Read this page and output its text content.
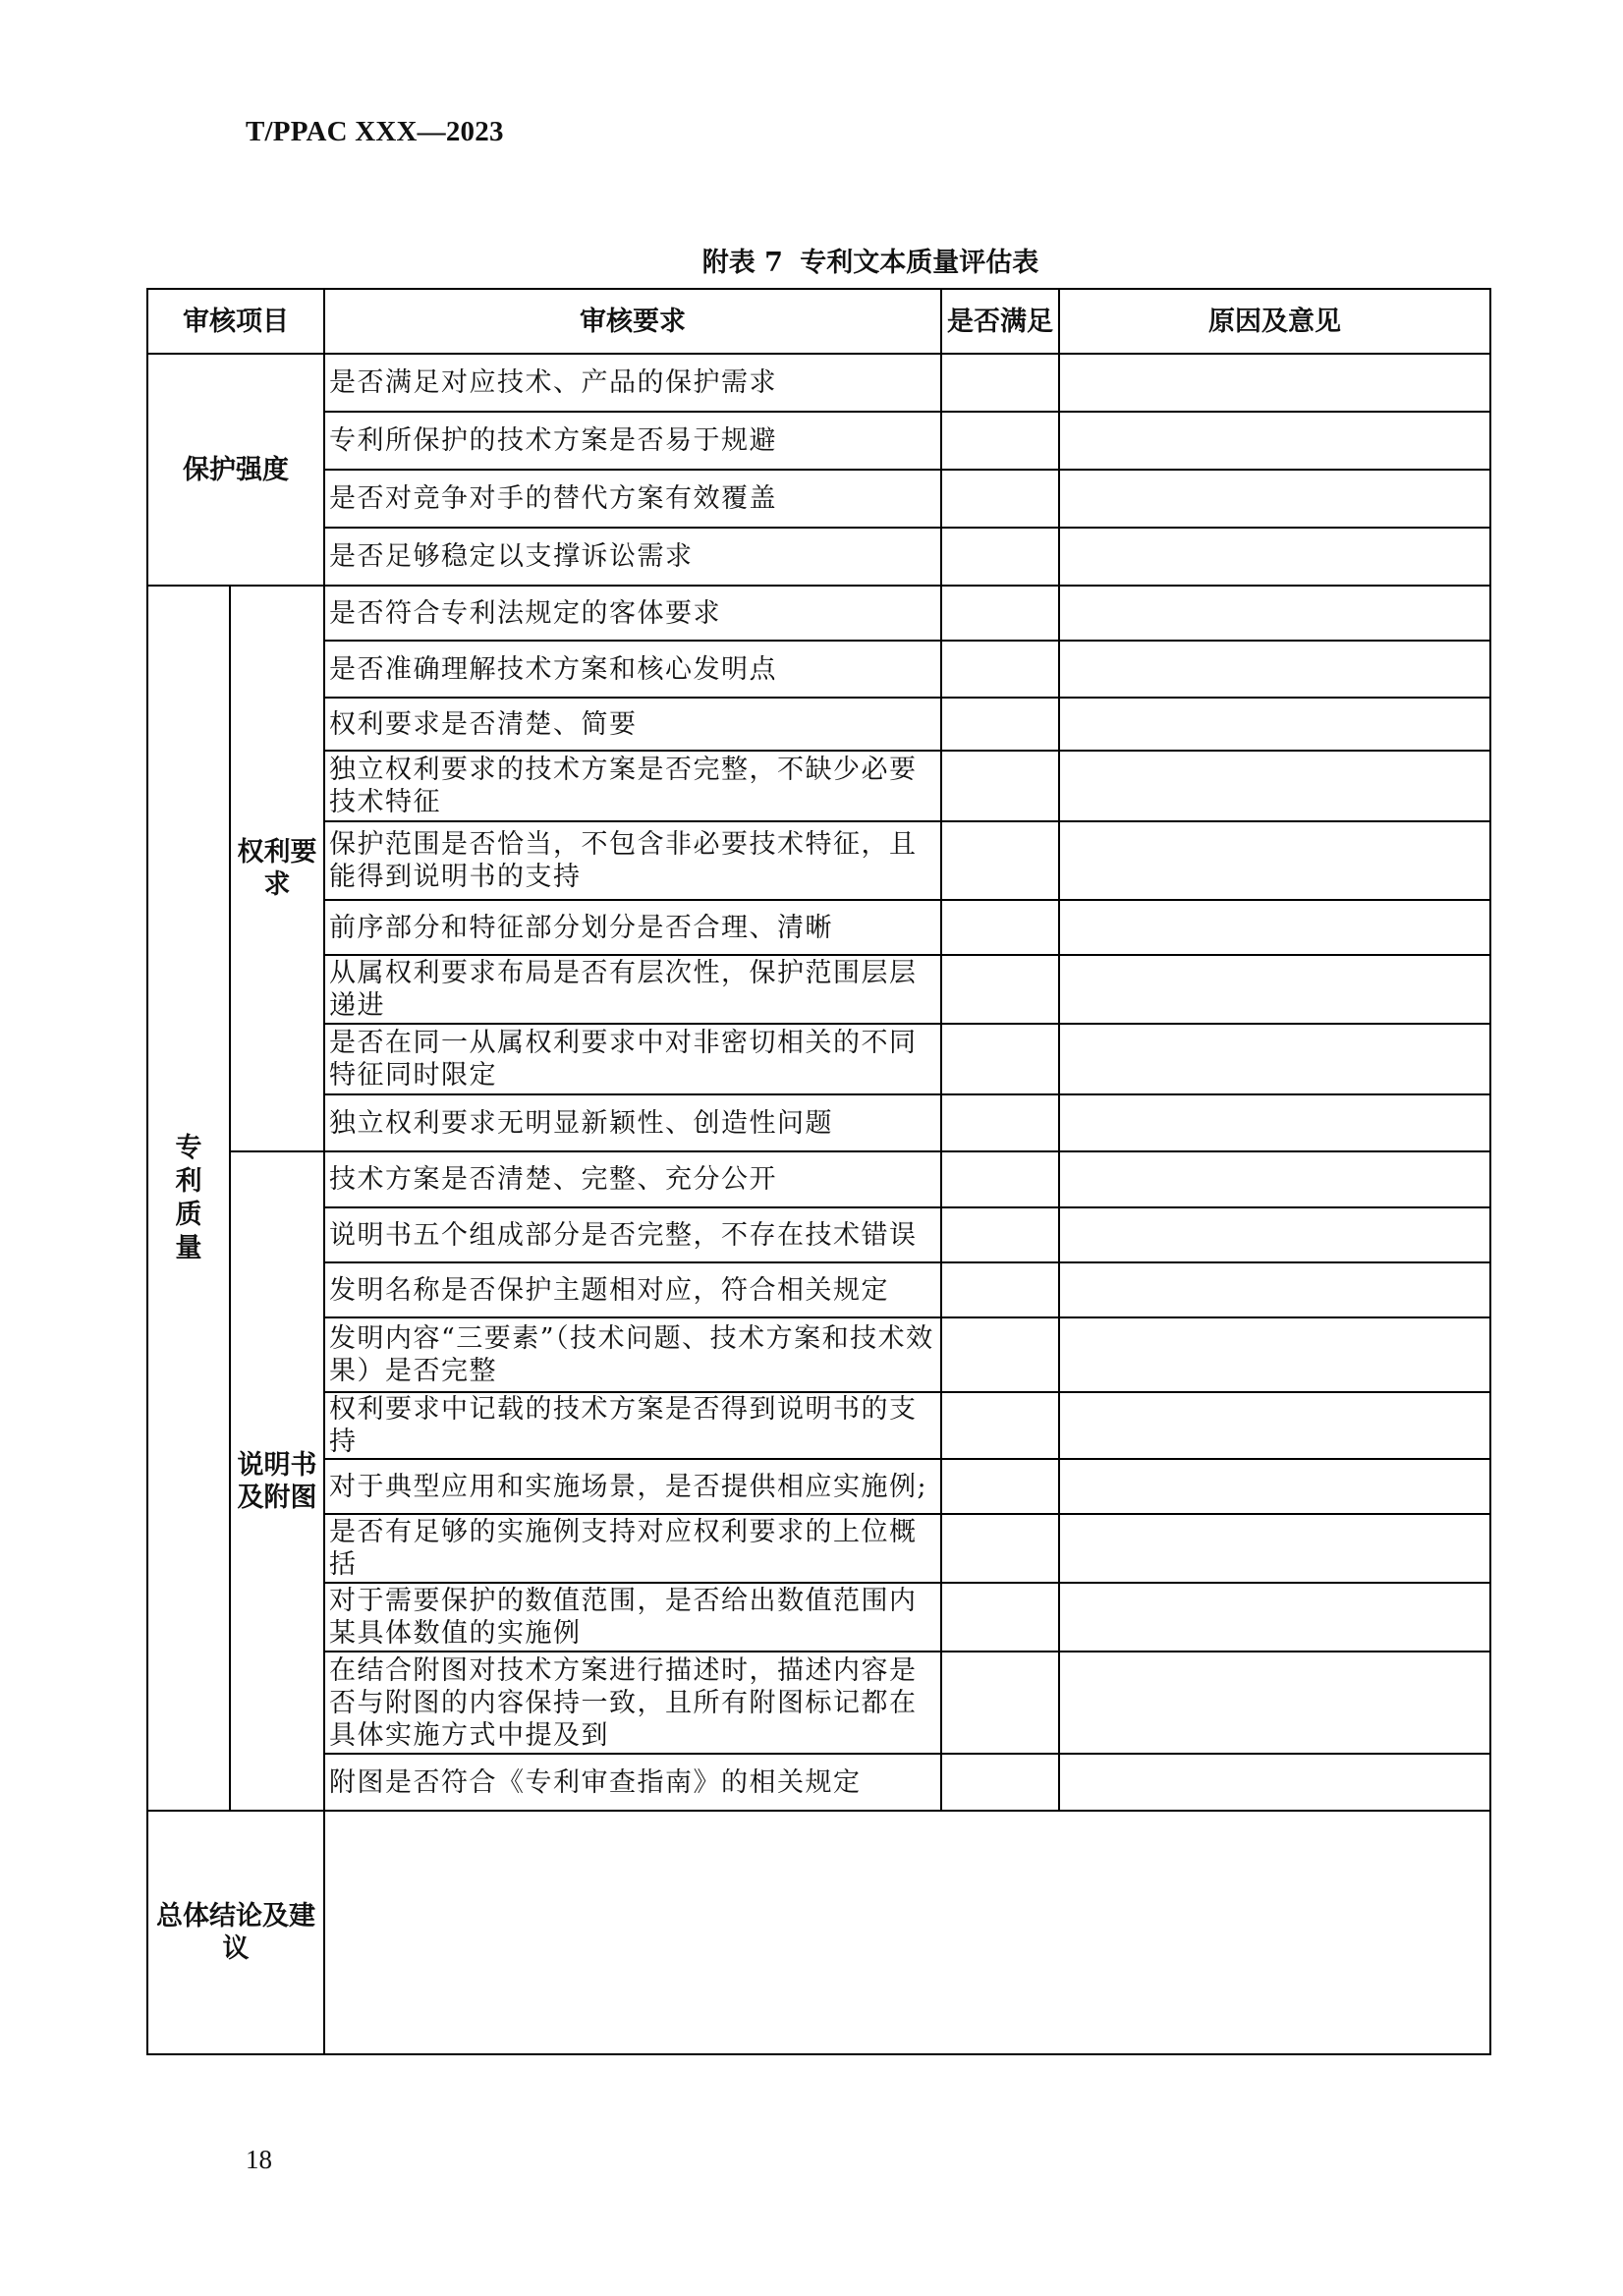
T/PPAC XXX—2023
附表 7 专利文本质量评估表
审核项目		审核要求	是否满足	原因及意见
保护强度		是否满足对应技术、产品的保护需求		
		专利所保护的技术方案是否易于规避		
		是否对竞争对手的替代方案有效覆盖		
		是否足够稳定以支撑诉讼需求		
专利质量	权利要求	是否符合专利法规定的客体要求		
		是否准确理解技术方案和核心发明点		
		权利要求是否清楚、简要		
		独立权利要求的技术方案是否完整，不缺少必要技术特征		
		保护范围是否恰当，不包含非必要技术特征，且能得到说明书的支持		
		前序部分和特征部分划分是否合理、清晰		
		从属权利要求布局是否有层次性，保护范围层层递进		
		是否在同一从属权利要求中对非密切相关的不同特征同时限定		
		独立权利要求无明显新颖性、创造性问题		
	说明书及附图	技术方案是否清楚、完整、充分公开		
		说明书五个组成部分是否完整，不存在技术错误		
		发明名称是否保护主题相对应，符合相关规定		
		发明内容“三要素”（技术问题、技术方案和技术效果）是否完整		
		权利要求中记载的技术方案是否得到说明书的支持		
		对于典型应用和实施场景，是否提供相应实施例;		
		是否有足够的实施例支持对应权利要求的上位概括		
		对于需要保护的数值范围，是否给出数值范围内某具体数值的实施例		
		在结合附图对技术方案进行描述时，描述内容是否与附图的内容保持一致，且所有附图标记都在具体实施方式中提及到		
		附图是否符合《专利审查指南》的相关规定		
总体结论及建议				
18
